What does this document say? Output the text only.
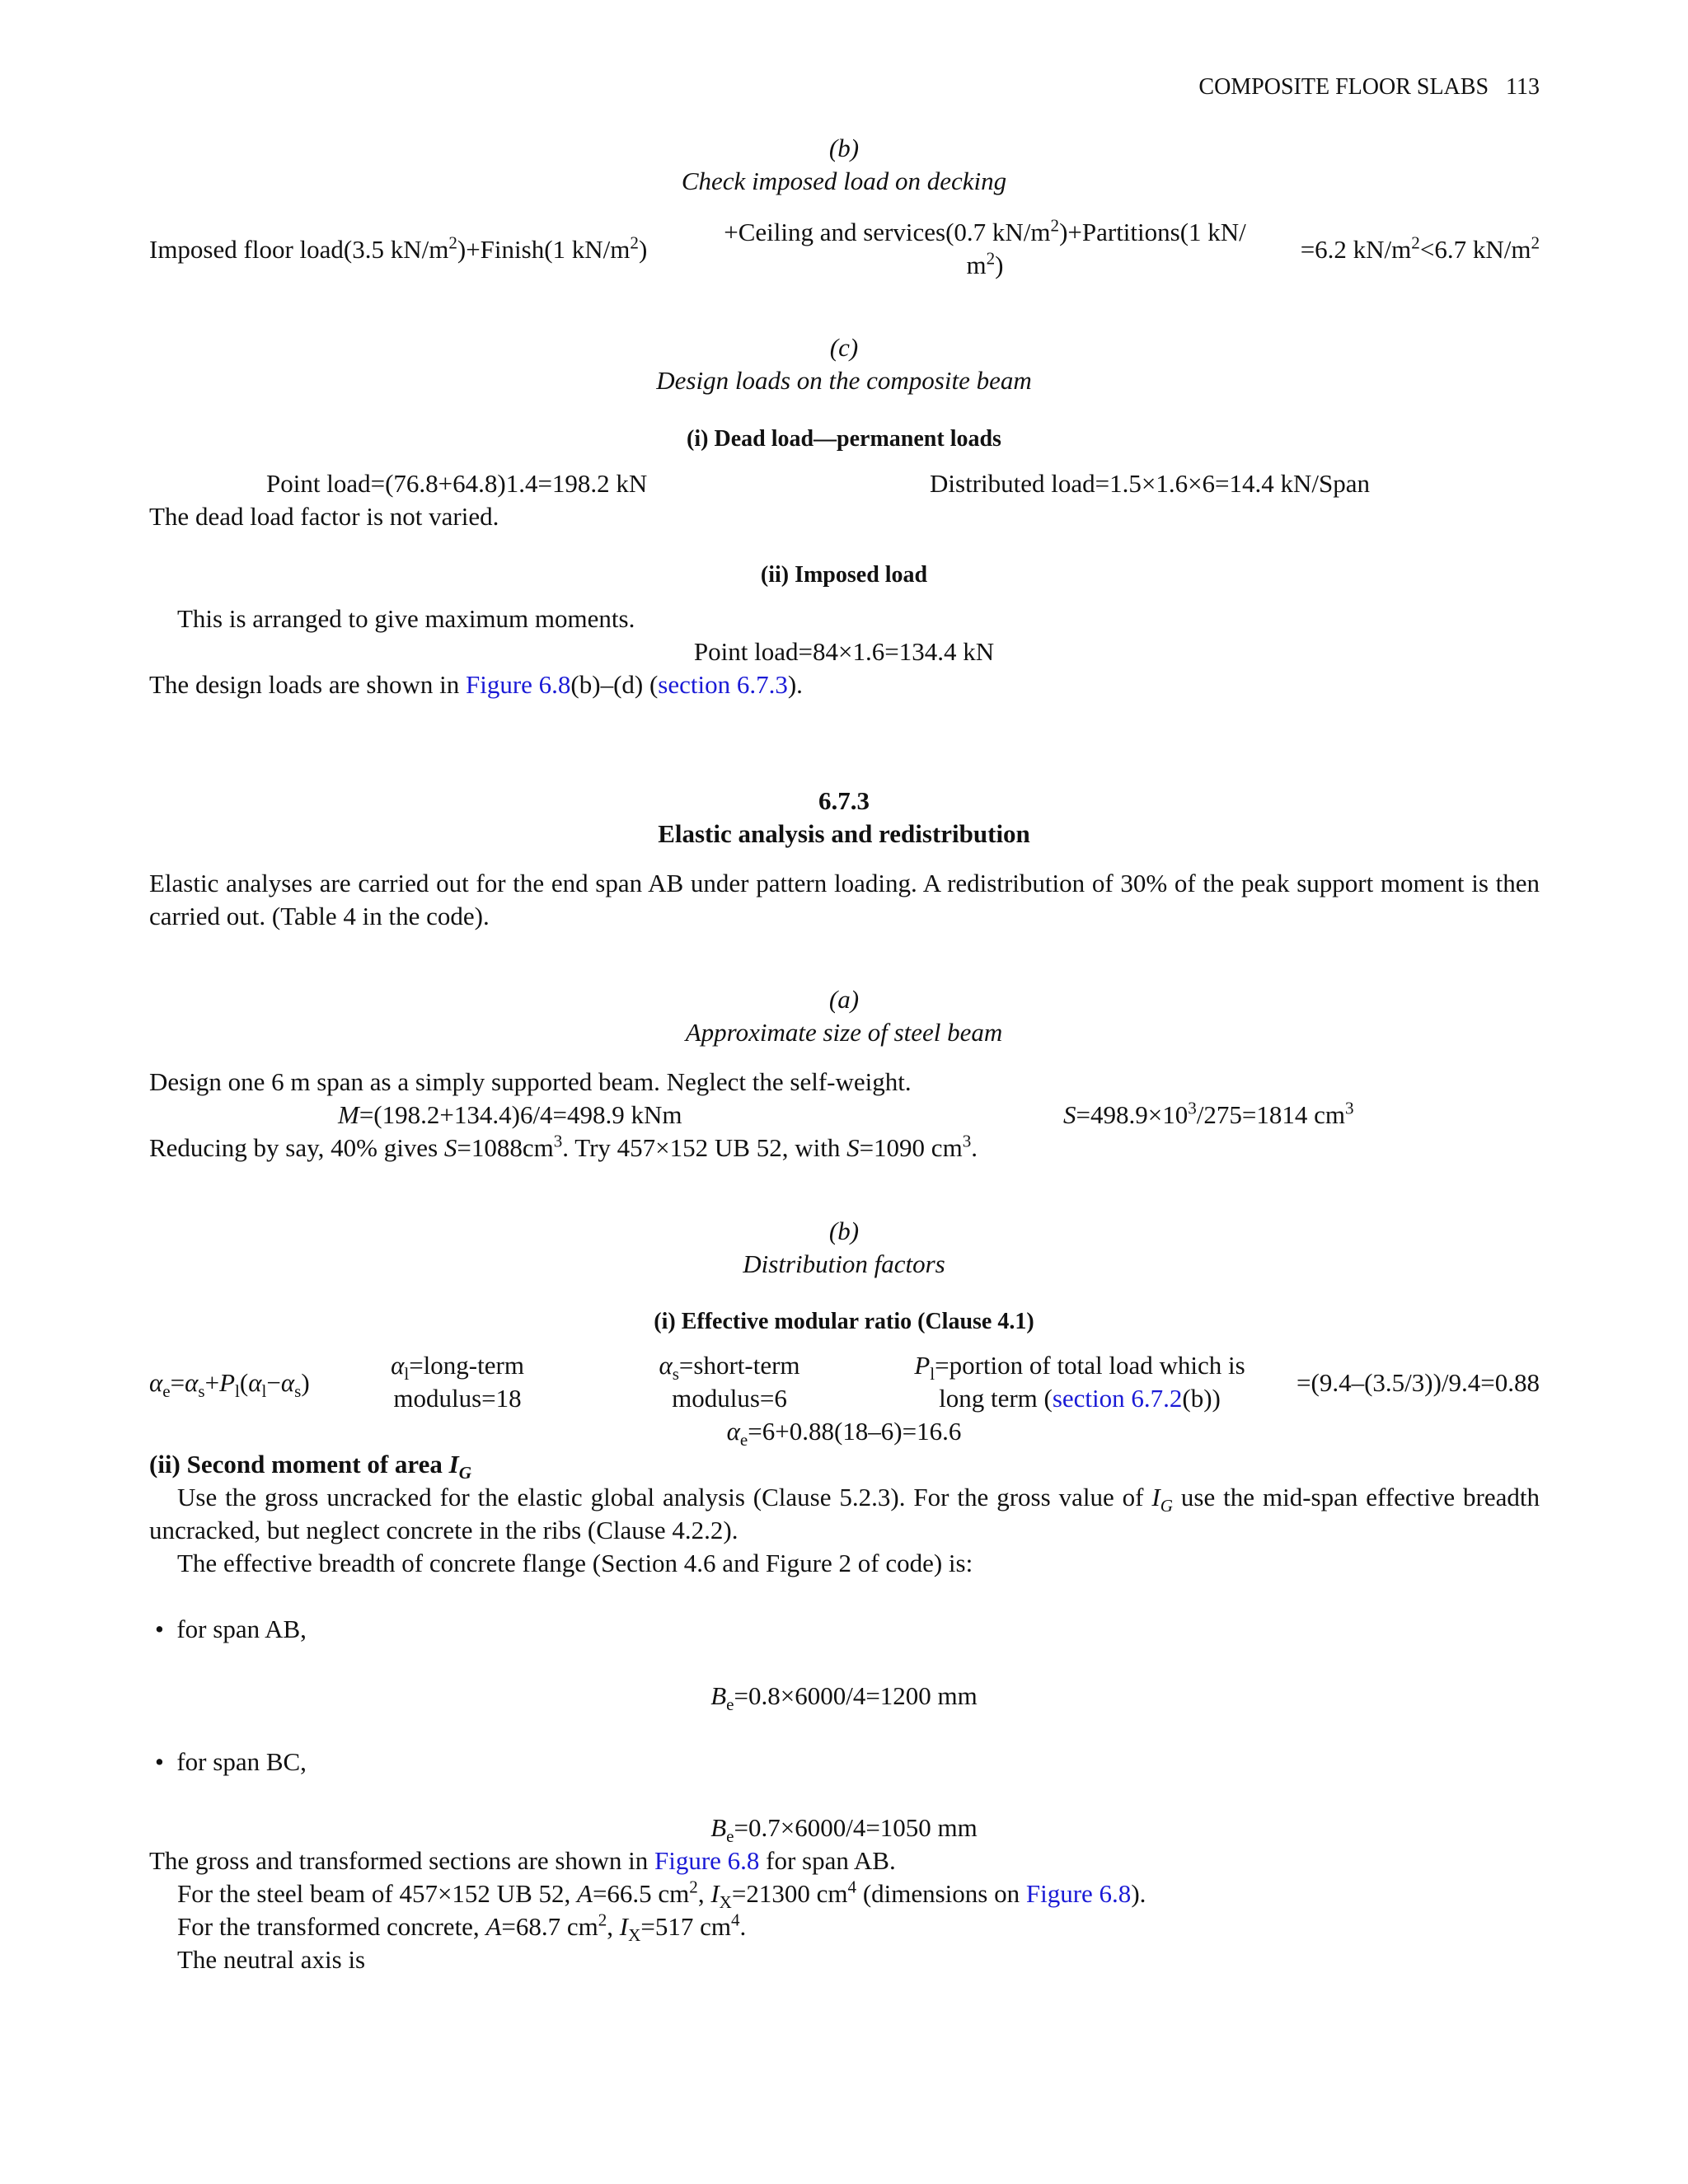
COMPOSITE FLOOR SLABS 113
(b)
Check imposed load on decking
Imposed floor load(3.5 $kN/m^2)+Finish(1$ $kN/m^2$)
+Ceiling and services(0.7 $kN/m^2)+Partitions(1$ kN/
$m^2$)
=6.2 $kN/m^2<6.7$ $kN/m^2$
(c)
Design loads on the composite beam
(i) Dead load—permanent loads
Point load=(76.8+64.8)1.4=198.2 kN	Distributed load=1.5×1.6×6=14.4 kN/Span
The dead load factor is not varied.
(ii) Imposed load
This is arranged to give maximum moments.
Point load=84×1.6=134.4 kN
The design loads are shown in Figure 6.8(b)–(d) (section 6.7.3).
6.7.3
Elastic analysis and redistribution
Elastic analyses are carried out for the end span AB under pattern loading. A redistribution of 30% of the peak support moment is then carried out. (Table 4 in the code).
(a)
Approximate size of steel beam
Design one 6 m span as a simply supported beam. Neglect the self-weight.
M=(198.2+134.4)6/4=498.9 kNm	$S=498.9\times 10^3/275=1814$ $cm^3$
Reducing by say, 40% gives $S=1088cm^3$. Try 457×152 UB 52, with S=1090 $cm^3$.
(b)
Distribution factors
(i) Effective modular ratio (Clause 4.1)
$\alpha_e=\alpha_s+P_l(\alpha_l-\alpha_s)$
$\alpha_l=long$-term
modulus=18
$\alpha_s=short$-term
modulus=6
$P_l=portion$ of total load which is
long term (section 6.7.2(b))
=(9.4–(3.5/3))/9.4=0.88
$\alpha_e=6+0.88(18-6)=16.6$
(ii) Second moment of area $I_G$
Use the gross uncracked for the elastic global analysis (Clause 5.2.3). For the gross value of $I_G$ use the mid-span effective breadth uncracked, but neglect concrete in the ribs (Clause 4.2.2).
The effective breadth of concrete flange (Section 4.6 and Figure 2 of code) is:
• for span AB,
$B_e=0.8\times 6000/4=1200$ mm
• for span BC,
$B_e=0.7\times 6000/4=1050$ mm
The gross and transformed sections are shown in Figure 6.8 for span AB.
For the steel beam of 457×152 UB 52, A=66.5 $cm^2$, $I_X=21300$ $cm^4$ (dimensions on Figure 6.8).
For the transformed concrete, A=68.7 $cm^2$, $I_X=517$ $cm^4$.
The neutral axis is
